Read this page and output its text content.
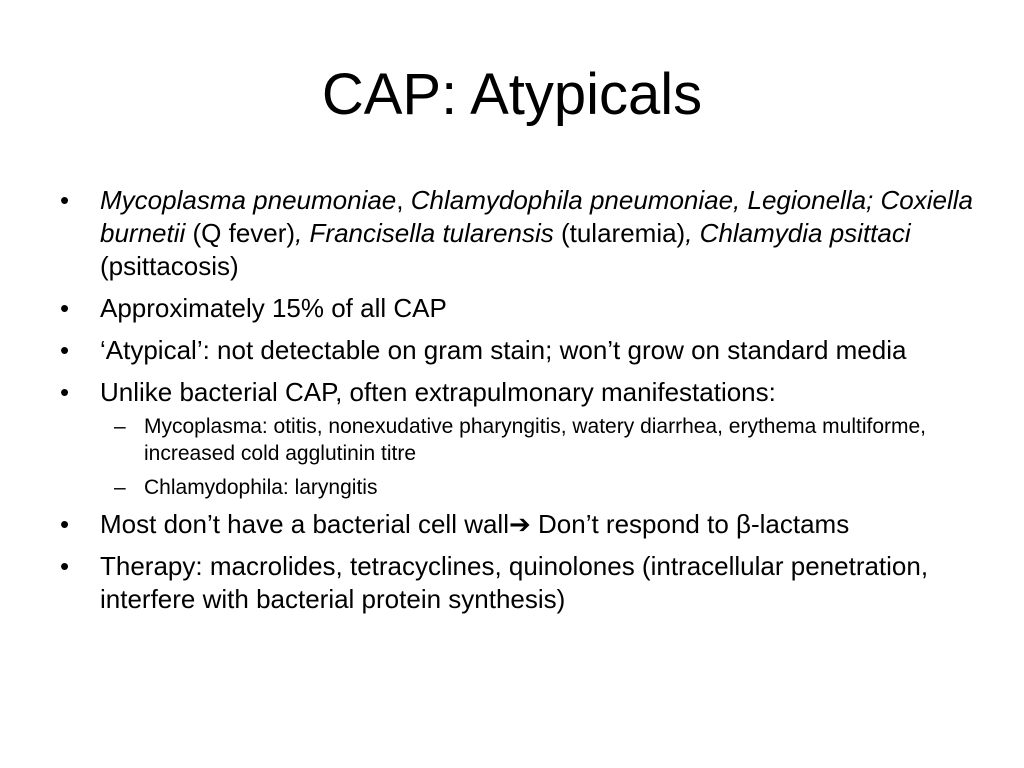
CAP: Atypicals
• Mycoplasma pneumoniae, Chlamydophila pneumoniae, Legionella; Coxiella burnetii (Q fever), Francisella tularensis (tularemia), Chlamydia psittaci (psittacosis)
• Approximately 15% of all CAP
• ‘Atypical’: not detectable on gram stain; won’t grow on standard media
• Unlike bacterial CAP, often extrapulmonary manifestations:
– Mycoplasma: otitis, nonexudative pharyngitis, watery diarrhea, erythema multiforme, increased cold agglutinin titre
– Chlamydophila: laryngitis
• Most don’t have a bacterial cell wall➔ Don’t respond to β-lactams
• Therapy: macrolides, tetracyclines, quinolones (intracellular penetration, interfere with bacterial protein synthesis)
